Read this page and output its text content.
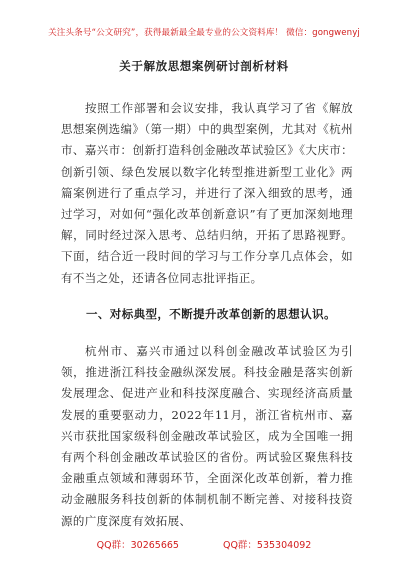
关注头条号“公文研究”，获得最新最全最专业的公文资料库！ 微信：gongwenyj
关于解放思想案例研讨剖析材料

按照工作部署和会议安排，我认真学习了省《解放思想案例选编》（第一期）中的典型案例，尤其对《杭州市、嘉兴市：创新打造科创金融改革试验区》《大庆市：创新引领、绿色发展以数字化转型推进新型工业化》两篇案例进行了重点学习，并进行了深入细致的思考，通过学习，对如何“强化改革创新意识”有了更加深刻地理解，同时经过深入思考、总结归纳，开拓了思路视野。下面，结合近一段时间的学习与工作分享几点体会，如有不当之处，还请各位同志批评指正。

一、对标典型，不断提升改革创新的思想认识。

杭州市、嘉兴市通过以科创金融改革试验区为引领，推进浙江科技金融纵深发展。科技金融是落实创新发展理念、促进产业和科技深度融合、实现经济高质量发展的重要驱动力，2022年11月，浙江省杭州市、嘉兴市获批国家级科创金融改革试验区，成为全国唯一拥有两个科创金融改革试验区的省份。两试验区聚焦科技金融重点领域和薄弱环节，全面深化改革创新，着力推动金融服务科技创新的体制机制不断完善、对接科技资源的广度深度有效拓展、

QQ群：30265665	QQ群：535304092
